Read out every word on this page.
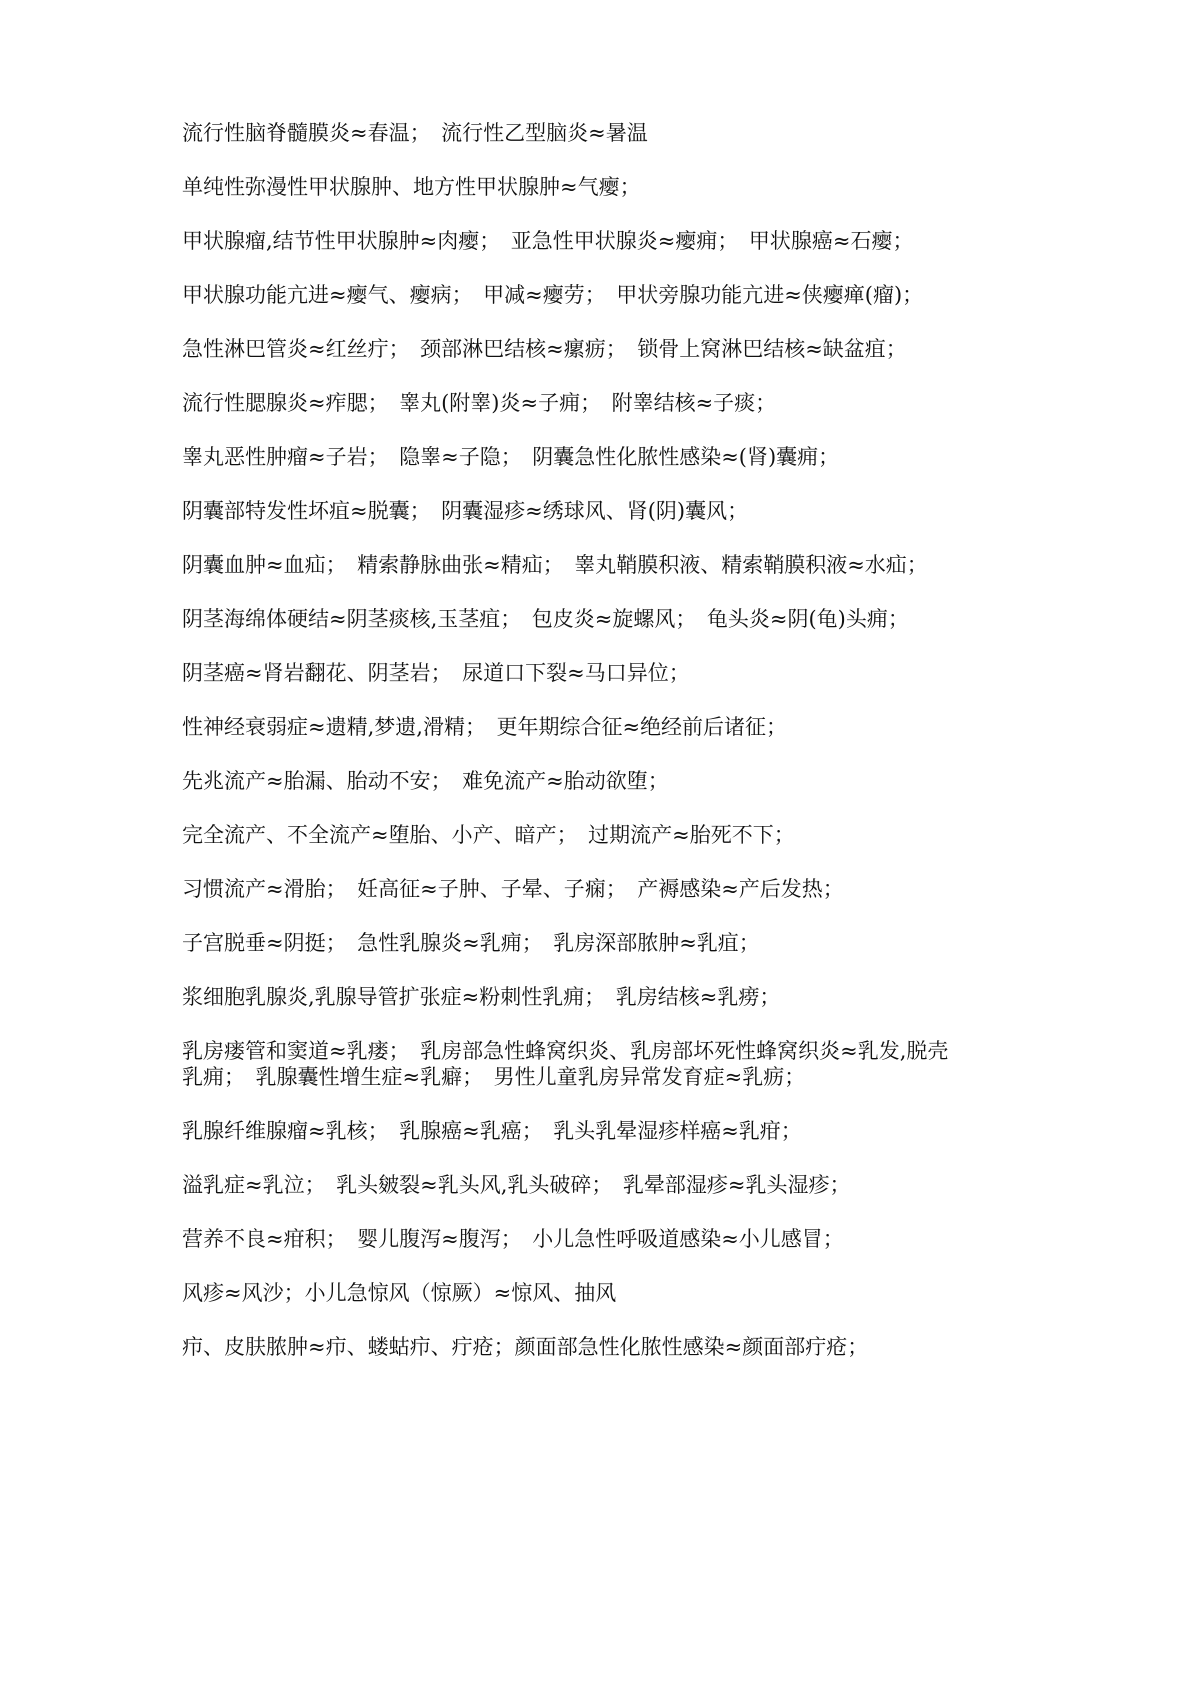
流行性脑脊髓膜炎≈春温；　流行性乙型脑炎≈暑温

单纯性弥漫性甲状腺肿、地方性甲状腺肿≈气瘿；

甲状腺瘤,结节性甲状腺肿≈肉瘿；　亚急性甲状腺炎≈瘿痈；　甲状腺癌≈石瘿；

甲状腺功能亢进≈瘿气、瘿病；　甲减≈瘿劳；　甲状旁腺功能亢进≈侠瘿瘅(瘤)；

急性淋巴管炎≈红丝疔；　颈部淋巴结核≈瘰疬；　锁骨上窝淋巴结核≈缺盆疽；

流行性腮腺炎≈痄腮；　睾丸(附睾)炎≈子痈；　附睾结核≈子痰；

睾丸恶性肿瘤≈子岩；　隐睾≈子隐；　阴囊急性化脓性感染≈(肾)囊痈；

阴囊部特发性坏疽≈脱囊；　阴囊湿疹≈绣球风、肾(阴)囊风；

阴囊血肿≈血疝；　精索静脉曲张≈精疝；　睾丸鞘膜积液、精索鞘膜积液≈水疝；

阴茎海绵体硬结≈阴茎痰核,玉茎疽；　包皮炎≈旋螺风；　龟头炎≈阴(龟)头痈；

阴茎癌≈肾岩翻花、阴茎岩；　尿道口下裂≈马口异位；

性神经衰弱症≈遗精,梦遗,滑精；　更年期综合征≈绝经前后诸征；

先兆流产≈胎漏、胎动不安；　难免流产≈胎动欲堕；

完全流产、不全流产≈堕胎、小产、暗产；　过期流产≈胎死不下；

习惯流产≈滑胎；　妊高征≈子肿、子晕、子痫；　产褥感染≈产后发热；

子宫脱垂≈阴挺；　急性乳腺炎≈乳痈；　乳房深部脓肿≈乳疽；

浆细胞乳腺炎,乳腺导管扩张症≈粉刺性乳痈；　乳房结核≈乳痨；

乳房瘘管和窦道≈乳瘘；　乳房部急性蜂窝织炎、乳房部坏死性蜂窝织炎≈乳发,脱壳乳痈；　乳腺囊性增生症≈乳癖；　男性儿童乳房异常发育症≈乳疬；

乳腺纤维腺瘤≈乳核；　乳腺癌≈乳癌；　乳头乳晕湿疹样癌≈乳疳；

溢乳症≈乳泣；　乳头皴裂≈乳头风,乳头破碎；　乳晕部湿疹≈乳头湿疹；

营养不良≈疳积；　婴儿腹泻≈腹泻；　小儿急性呼吸道感染≈小儿感冒；

风疹≈风沙；小儿急惊风（惊厥）≈惊风、抽风

疖、皮肤脓肿≈疖、蝼蛄疖、疔疮；颜面部急性化脓性感染≈颜面部疔疮；
